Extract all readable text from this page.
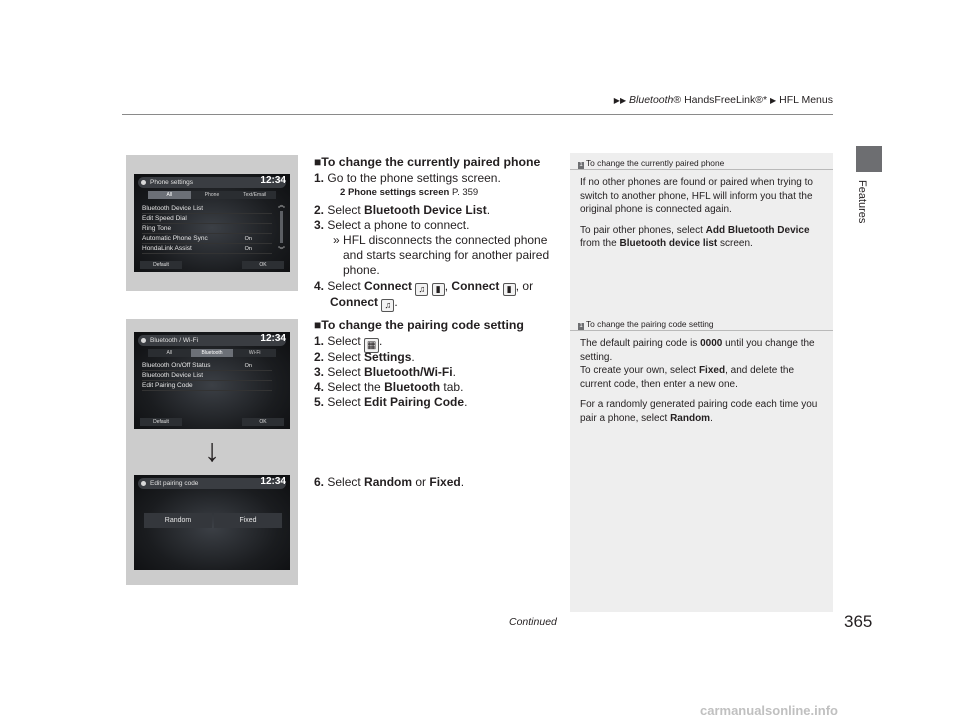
▶▶ Bluetooth® HandsFreeLink®* ▶ HFL Menus
Features
1 To change the currently paired phone

If no other phones are found or paired when trying to switch to another phone, HFL will inform you that the original phone is connected again.

To pair other phones, select Add Bluetooth Device from the Bluetooth device list screen.

1 To change the pairing code setting

The default pairing code is 0000 until you change the setting.

To create your own, select Fixed, and delete the current code, then enter a new one.

For a randomly generated pairing code each time you pair a phone, select Random.

Phone settings	12:34
All	Phone	Text/Email
Bluetooth Device List
Edit Speed Dial
Ring Tone
Automatic Phone Sync	On
HondaLink Assist	On
︽
︾
Default	OK
Bluetooth / Wi-Fi	12:34
All	Bluetooth	Wi-Fi
Bluetooth On/Off Status	On
Bluetooth Device List
Edit Pairing Code
Default	OK
Edit pairing code	12:34
Random	Fixed
↓
■To change the currently paired phone
1. Go to the phone settings screen.
2 Phone settings screen P. 359
2. Select Bluetooth Device List.
3. Select a phone to connect.
» HFL disconnects the connected phone
and starts searching for another paired
phone.
4. Select Connect ♫ ▮ , Connect ▮ , or
Connect ♫ .
■To change the pairing code setting
1. Select ▦ .
2. Select Settings.
3. Select Bluetooth/Wi-Fi.
4. Select the Bluetooth tab.
5. Select Edit Pairing Code.
6. Select Random or Fixed.
Continued	365
carmanualsonline.info
